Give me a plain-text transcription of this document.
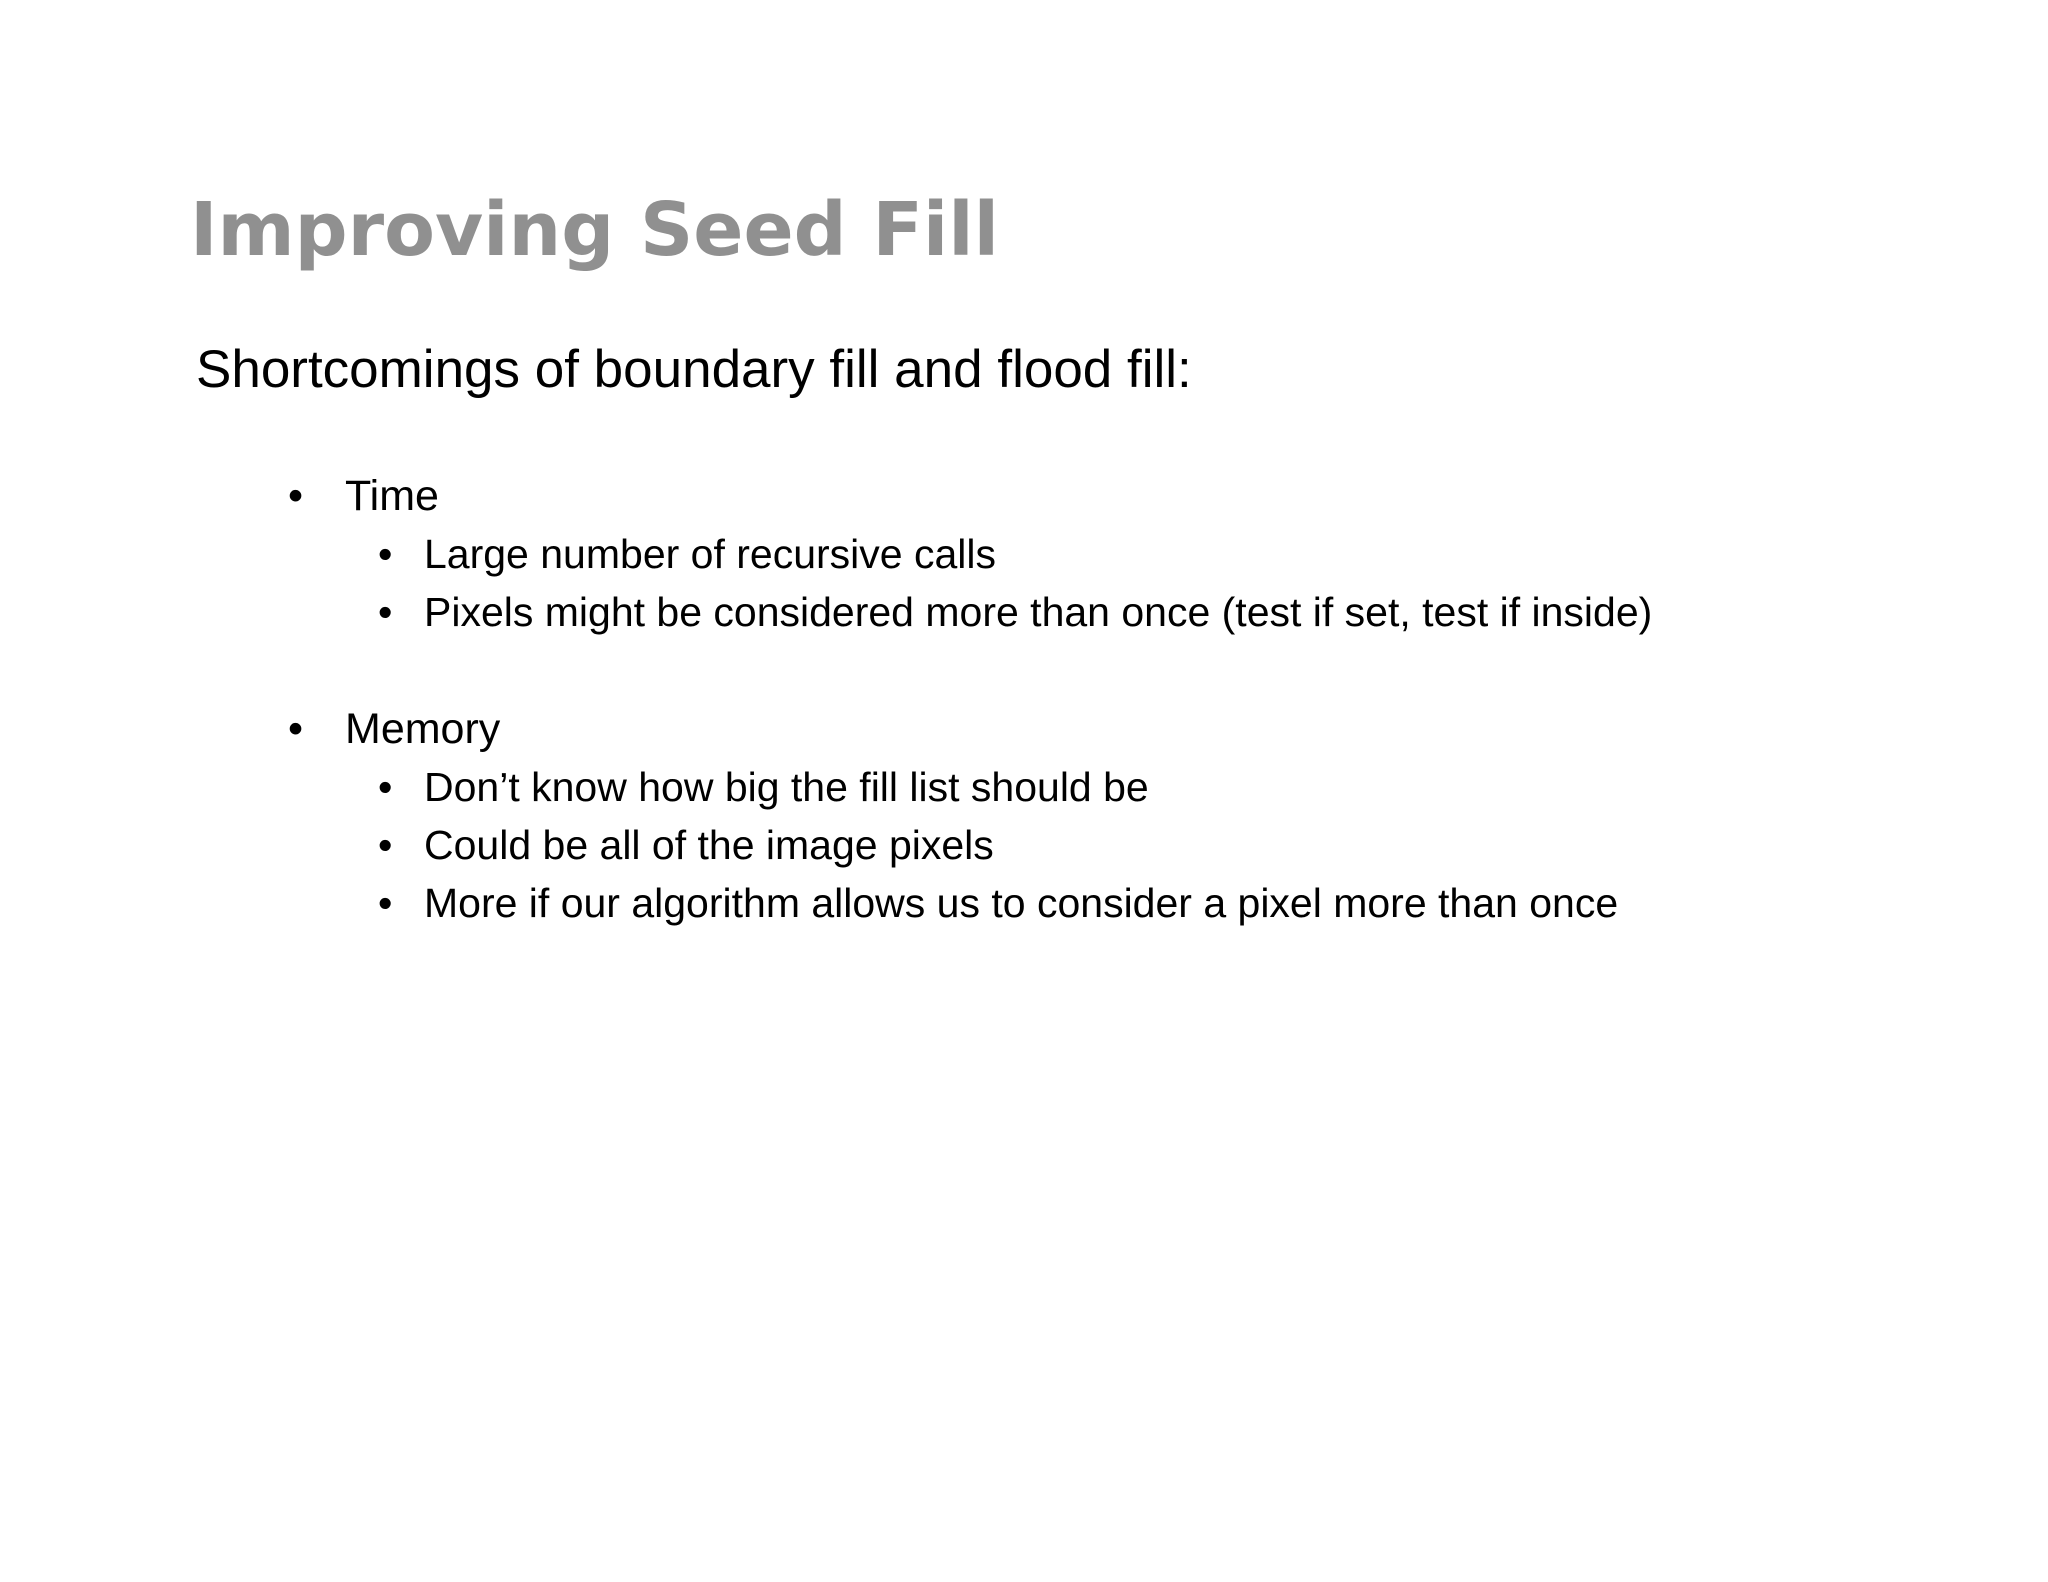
Improving Seed Fill

Shortcomings of boundary fill and flood fill:

• Time
• Large number of recursive calls
• Pixels might be considered more than once (test if set, test if inside)
• Memory
• Don’t know how big the fill list should be
• Could be all of the image pixels
• More if our algorithm allows us to consider a pixel more than once
